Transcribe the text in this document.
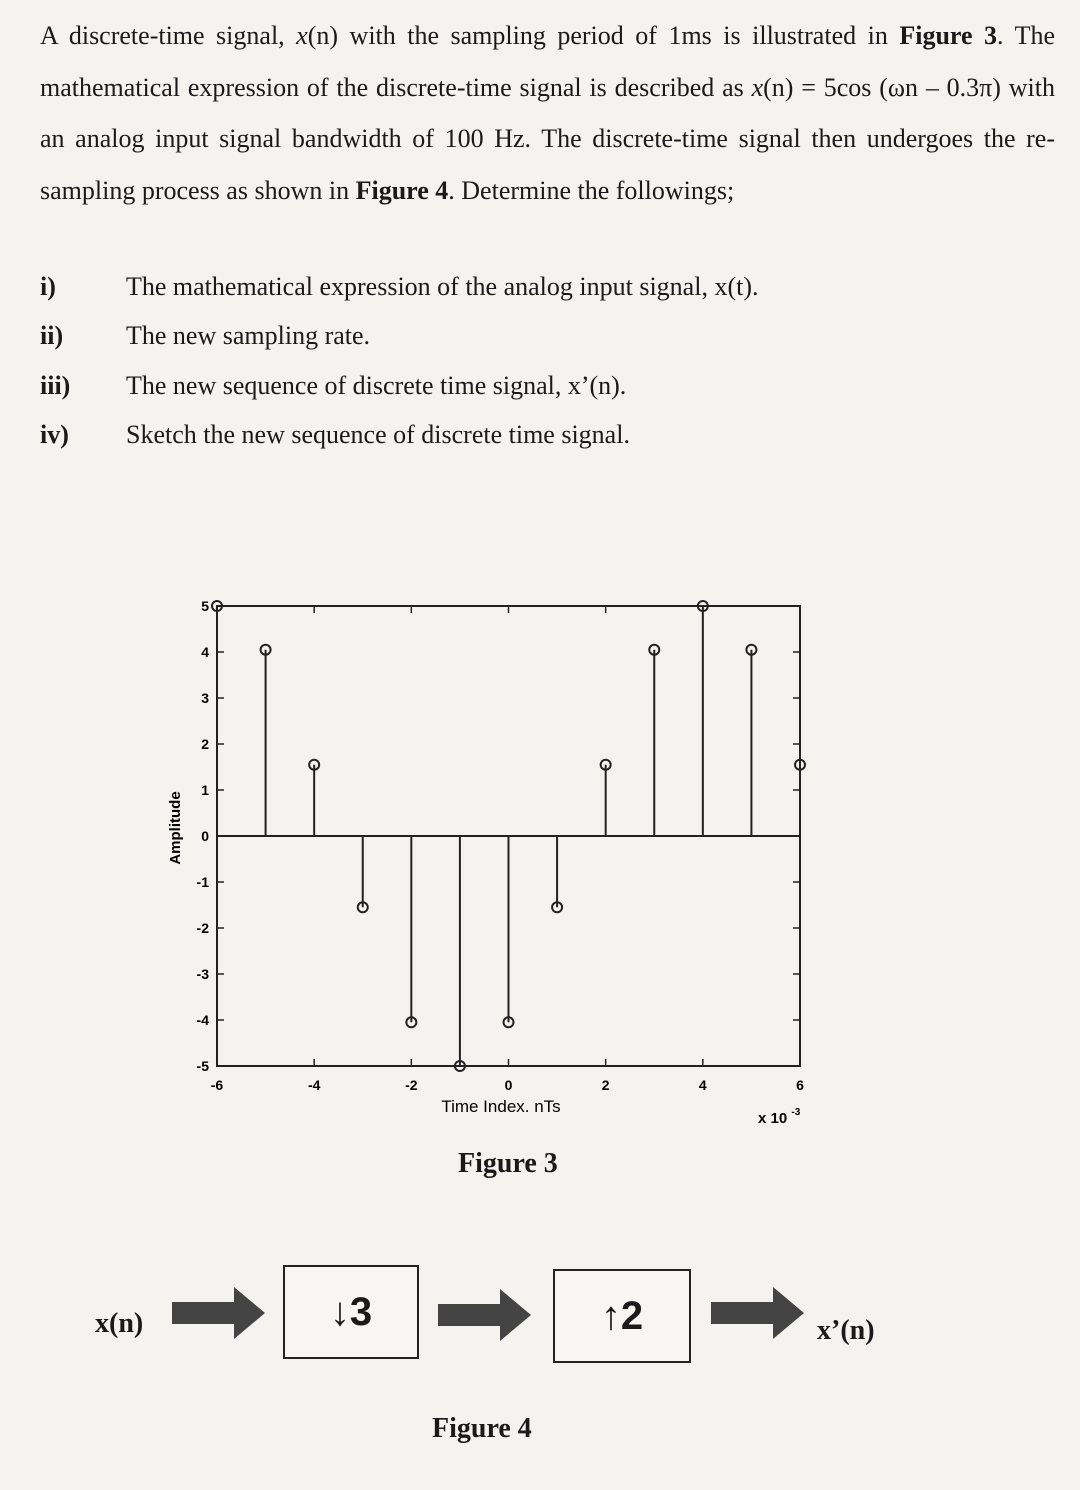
A discrete-time signal, x(n) with the sampling period of 1ms is illustrated in Figure 3. The mathematical expression of the discrete-time signal is described as x(n) = 5cos (ωn – 0.3π) with an analog input signal bandwidth of 100 Hz. The discrete-time signal then undergoes the re-sampling process as shown in Figure 4. Determine the followings;
i)	The mathematical expression of the analog input signal, x(t).
ii)	The new sampling rate.
iii)	The new sequence of discrete time signal, x’(n).
iv)	Sketch the new sequence of discrete time signal.
-6	-4	-2	0	2	4	6
5
4
3
2
1
0
-1
-2
-3
-4
-5
Amplitude
Time Index. nTs
x 10 $^{-3}$
Figure 3
x(n)	↓3	↑2	x’(n)
Figure 4
